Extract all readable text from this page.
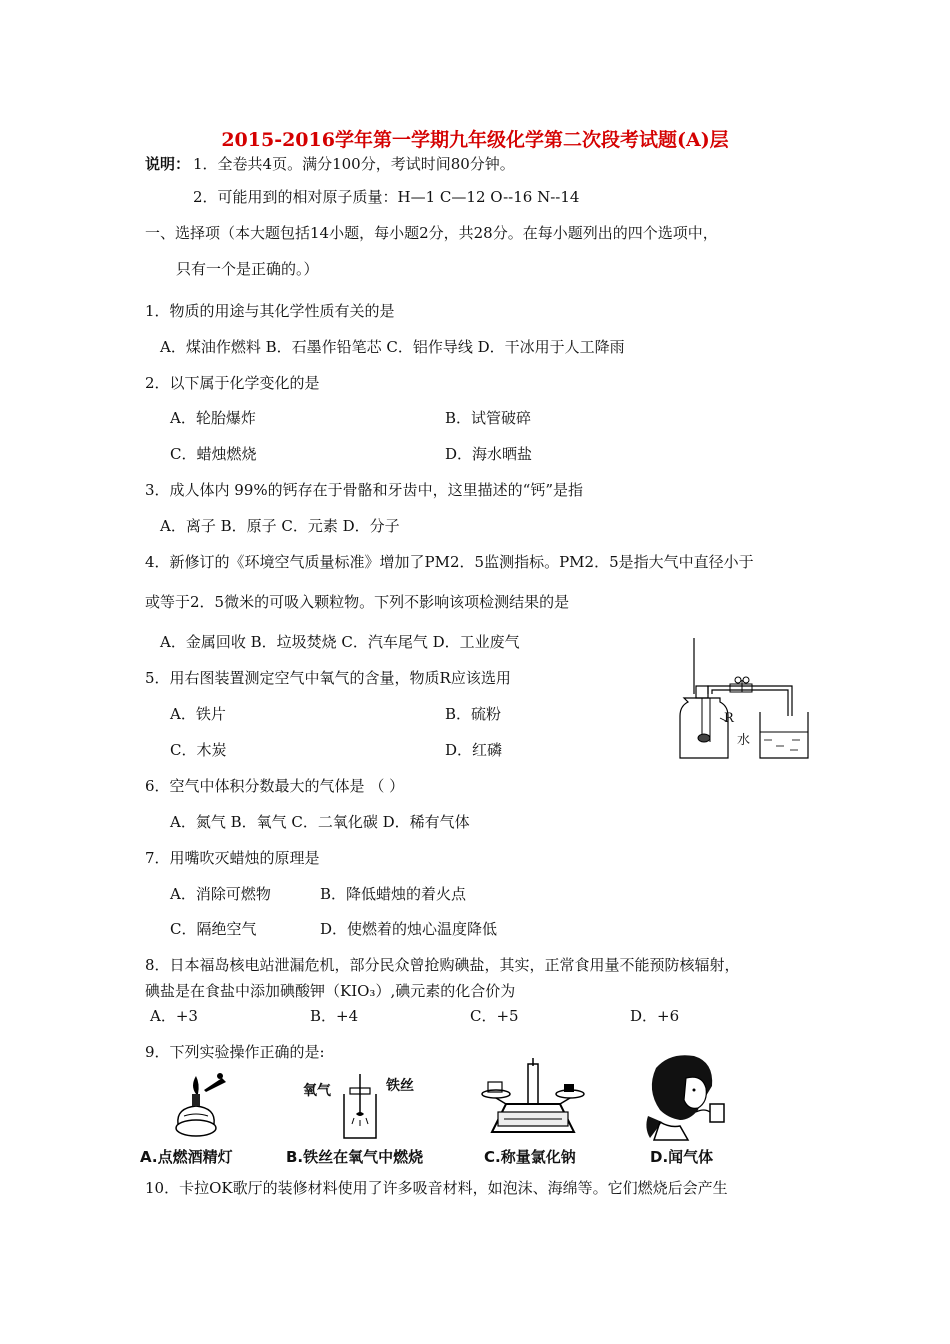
2015-2016学年第一学期九年级化学第二次段考试题(A)层
说明： 1．全卷共4页。满分100分，考试时间80分钟。
2．可能用到的相对原子质量：H—1 C—12 O--16 N--14
一、选择项（本大题包括14小题，每小题2分，共28分。在每小题列出的四个选项中，
只有一个是正确的。）
1．物质的用途与其化学性质有关的是
A．煤油作燃料 B．石墨作铅笔芯 C．铝作导线 D．干冰用于人工降雨
2．以下属于化学变化的是
A．轮胎爆炸	B．试管破碎
C．蜡烛燃烧	D．海水晒盐
3．成人体内 99%的钙存在于骨骼和牙齿中，这里描述的“钙”是指
A．离子 B．原子 C．元素 D．分子
4．新修订的《环境空气质量标准》增加了PM2．5监测指标。PM2．5是指大气中直径小于
或等于2．5微米的可吸入颗粒物。下列不影响该项检测结果的是
A．金属回收 B．垃圾焚烧 C．汽车尾气 D．工业废气
5．用右图装置测定空气中氧气的含量，物质R应该选用
A．铁片	B．硫粉
C．木炭	D．红磷
R
水
6．空气中体积分数最大的气体是 （ ）
A．氮气 B．氧气 C．二氧化碳 D．稀有气体
7．用嘴吹灭蜡烛的原理是
A．消除可燃物	B．降低蜡烛的着火点
C．隔绝空气	D．使燃着的烛心温度降低
8．日本福岛核电站泄漏危机，部分民众曾抢购碘盐，其实，正常食用量不能预防核辐射，
碘盐是在食盐中添加碘酸钾（KIO₃）,碘元素的化合价为
A．+3	B．+4	C．+5	D．+6
9．下列实验操作正确的是:
A.点燃酒精灯
氧气	铁丝
B.铁丝在氧气中燃烧	C.称量氯化钠	D.闻气体
10．卡拉OK歌厅的装修材料使用了许多吸音材料，如泡沫、海绵等。它们燃烧后会产生
